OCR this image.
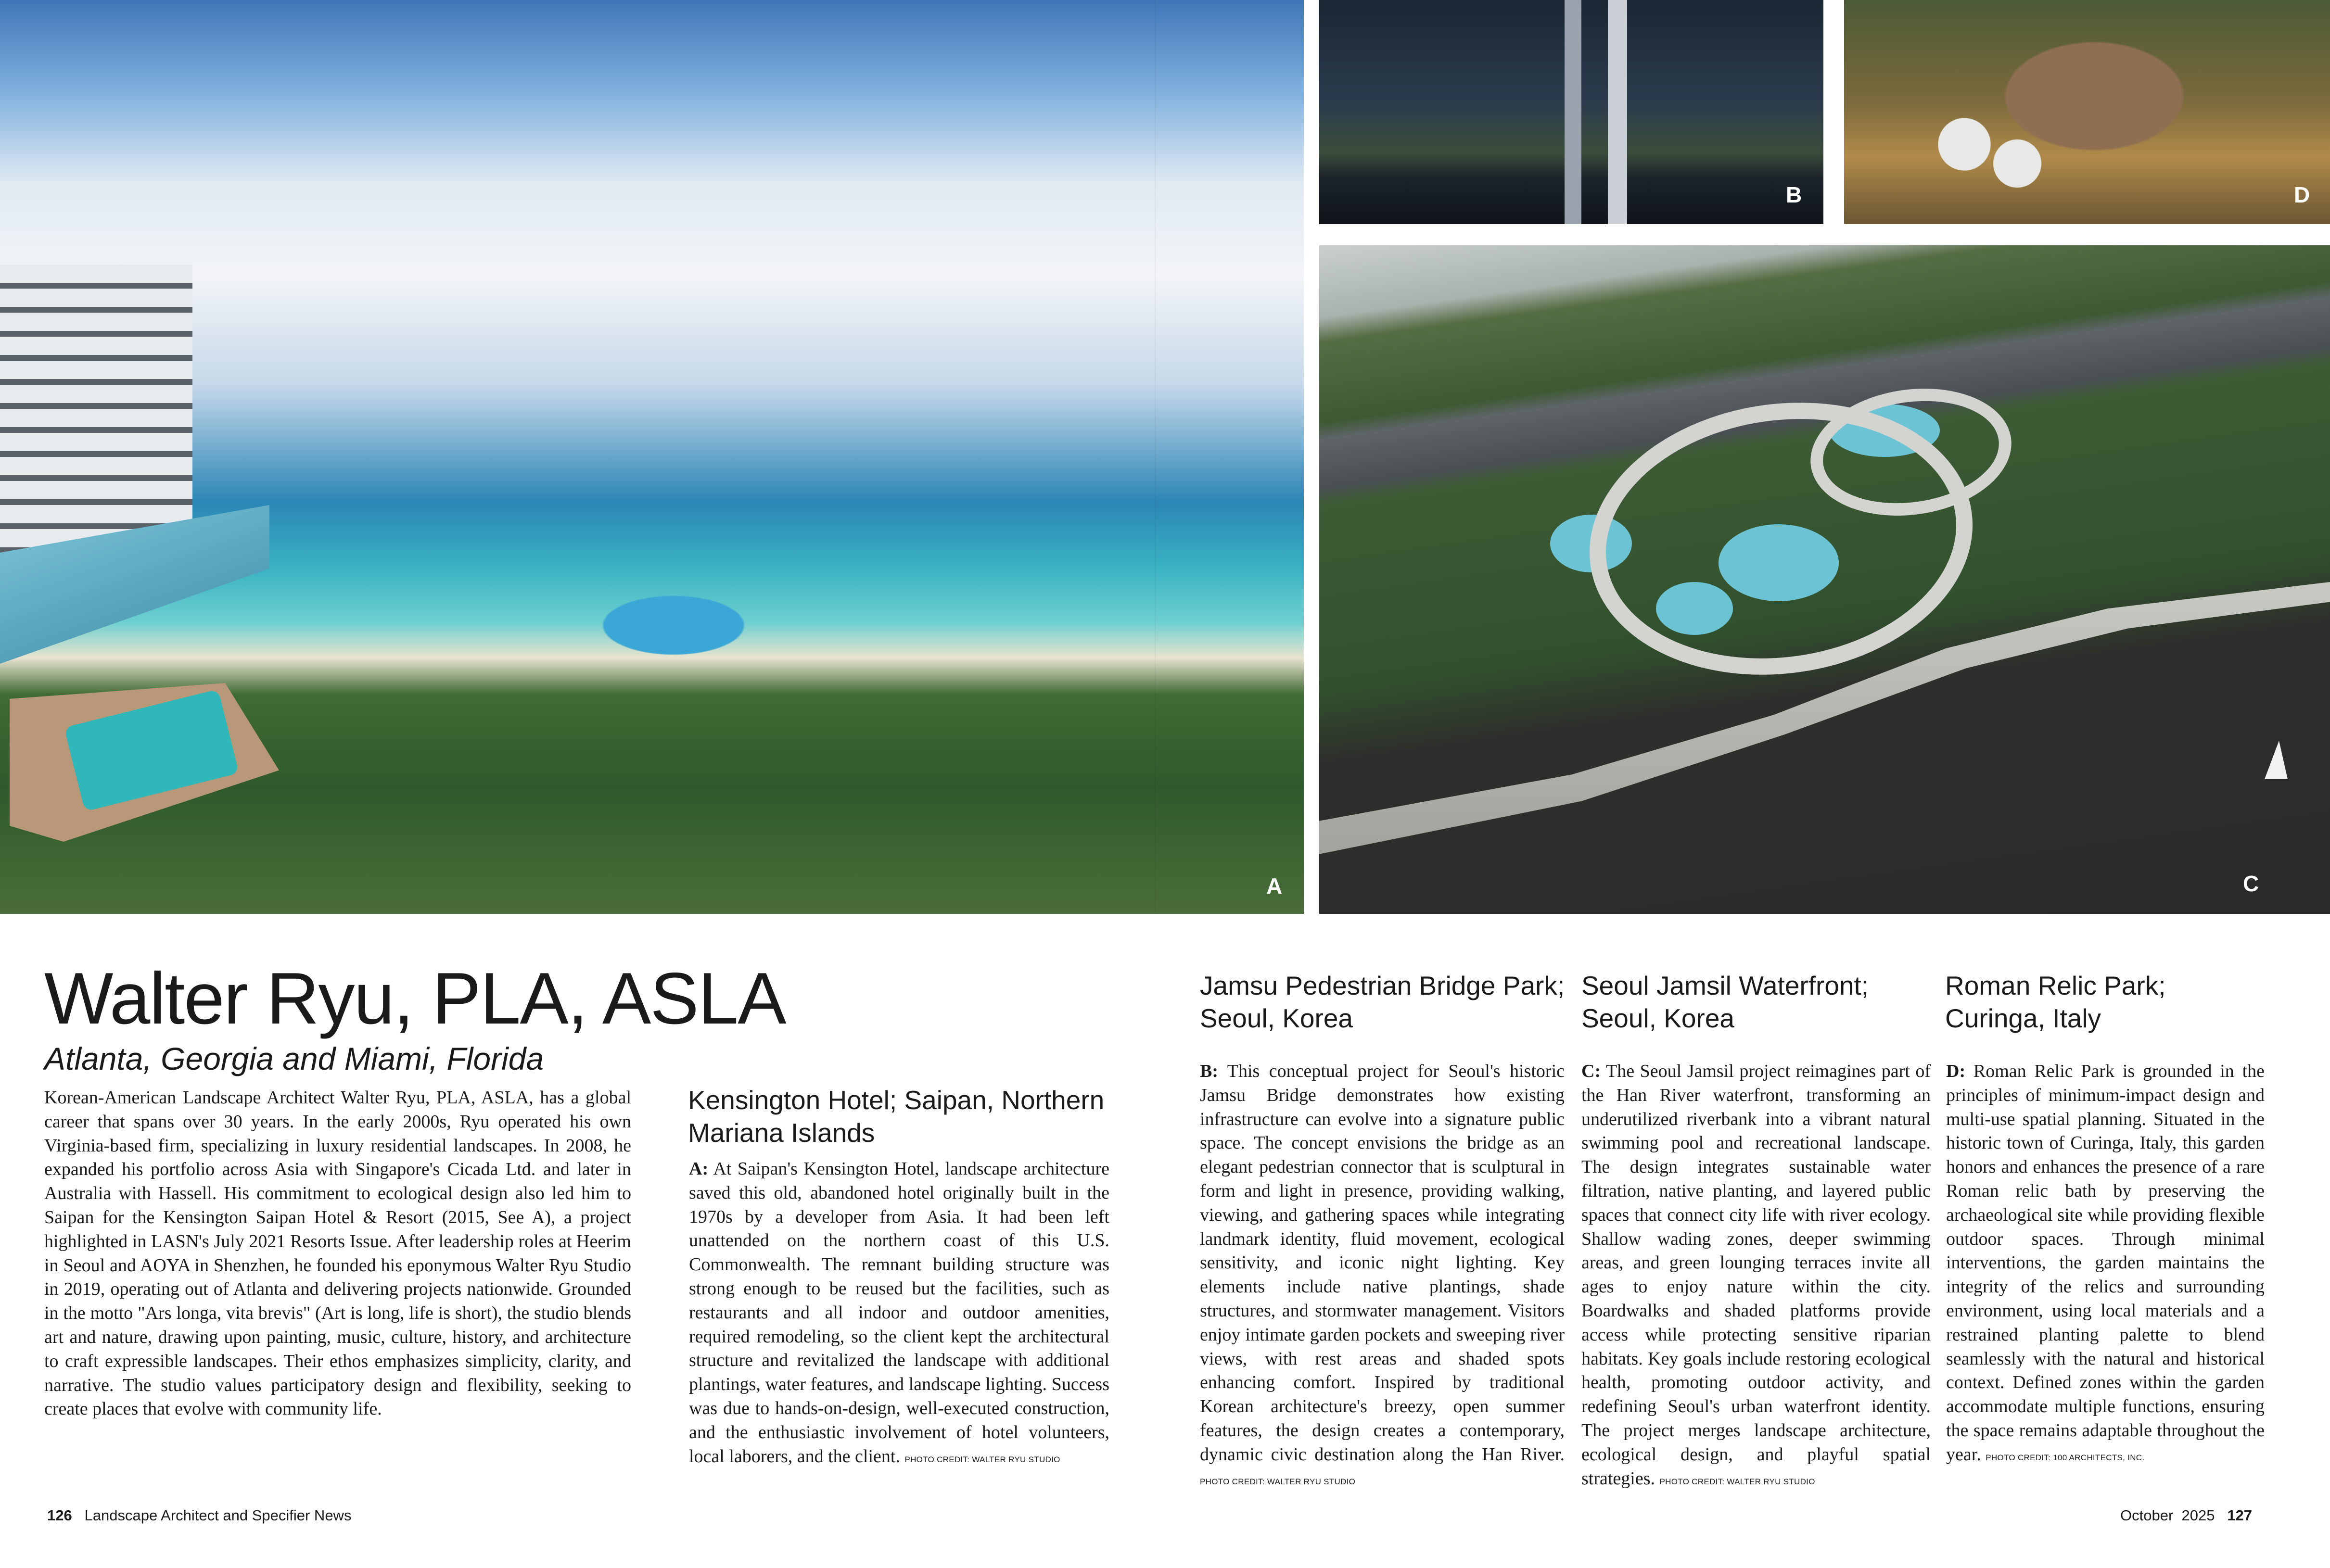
A
B	D
C
Walter Ryu, PLA, ASLA
Atlanta, Georgia and Miami, Florida

Korean-American Landscape Architect Walter Ryu, PLA, ASLA, has a global career that spans over 30 years. In the early 2000s, Ryu operated his own Virginia-based firm, specializing in luxury residential landscapes. In 2008, he expanded his portfolio across Asia with Singapore's Cicada Ltd. and later in Australia with Hassell. His commitment to ecological design also led him to Saipan for the Kensington Saipan Hotel & Resort (2015, See A), a project highlighted in LASN's July 2021 Resorts Issue. After leadership roles at Heerim in Seoul and AOYA in Shenzhen, he founded his eponymous Walter Ryu Studio in 2019, operating out of Atlanta and delivering projects nationwide. Grounded in the motto "Ars longa, vita brevis" (Art is long, life is short), the studio blends art and nature, drawing upon painting, music, culture, history, and architecture to craft expressible landscapes. Their ethos emphasizes simplicity, clarity, and narrative. The studio values participatory design and flexibility, seeking to create places that evolve with community life.

Kensington Hotel; Saipan, Northern Mariana Islands

A: At Saipan's Kensington Hotel, landscape architecture saved this old, abandoned hotel originally built in the 1970s by a developer from Asia. It had been left unattended on the northern coast of this U.S. Commonwealth. The remnant building structure was strong enough to be reused but the facilities, such as restaurants and all indoor and outdoor amenities, required remodeling, so the client kept the architectural structure and revitalized the landscape with additional plantings, water features, and landscape lighting. Success was due to hands-on-design, well-executed construction, and the enthusiastic involvement of hotel volunteers, local laborers, and the client. PHOTO CREDIT: WALTER RYU STUDIO

Jamsu Pedestrian Bridge Park; Seoul, Korea

B: This conceptual project for Seoul's historic Jamsu Bridge demonstrates how existing infrastructure can evolve into a signature public space. The concept envisions the bridge as an elegant pedestrian connector that is sculptural in form and light in presence, providing walking, viewing, and gathering spaces while integrating landmark identity, fluid movement, ecological sensitivity, and iconic night lighting. Key elements include native plantings, shade structures, and stormwater management. Visitors enjoy intimate garden pockets and sweeping river views, with rest areas and shaded spots enhancing comfort. Inspired by traditional Korean architecture's breezy, open summer features, the design creates a contemporary, dynamic civic destination along the Han River. PHOTO CREDIT: WALTER RYU STUDIO

Seoul Jamsil Waterfront; Seoul, Korea

C: The Seoul Jamsil project reimagines part of the Han River waterfront, transforming an underutilized riverbank into a vibrant natural swimming pool and recreational landscape. The design integrates sustainable water filtration, native planting, and layered public spaces that connect city life with river ecology. Shallow wading zones, deeper swimming areas, and green lounging terraces invite all ages to enjoy nature within the city. Boardwalks and shaded platforms provide access while protecting sensitive riparian habitats. Key goals include restoring ecological health, promoting outdoor activity, and redefining Seoul's urban waterfront identity. The project merges landscape architecture, ecological design, and playful spatial strategies. PHOTO CREDIT: WALTER RYU STUDIO

Roman Relic Park; Curinga, Italy

D: Roman Relic Park is grounded in the principles of minimum-impact design and multi-use spatial planning. Situated in the historic town of Curinga, Italy, this garden honors and enhances the presence of a rare Roman relic bath by preserving the archaeological site while providing flexible outdoor spaces. Through minimal interventions, the garden maintains the integrity of the relics and surrounding environment, using local materials and a restrained planting palette to blend seamlessly with the natural and historical context. Defined zones within the garden accommodate multiple functions, ensuring the space remains adaptable throughout the year. PHOTO CREDIT: 100 ARCHITECTS, INC.

126 Landscape Architect and Specifier News	October  2025 127
